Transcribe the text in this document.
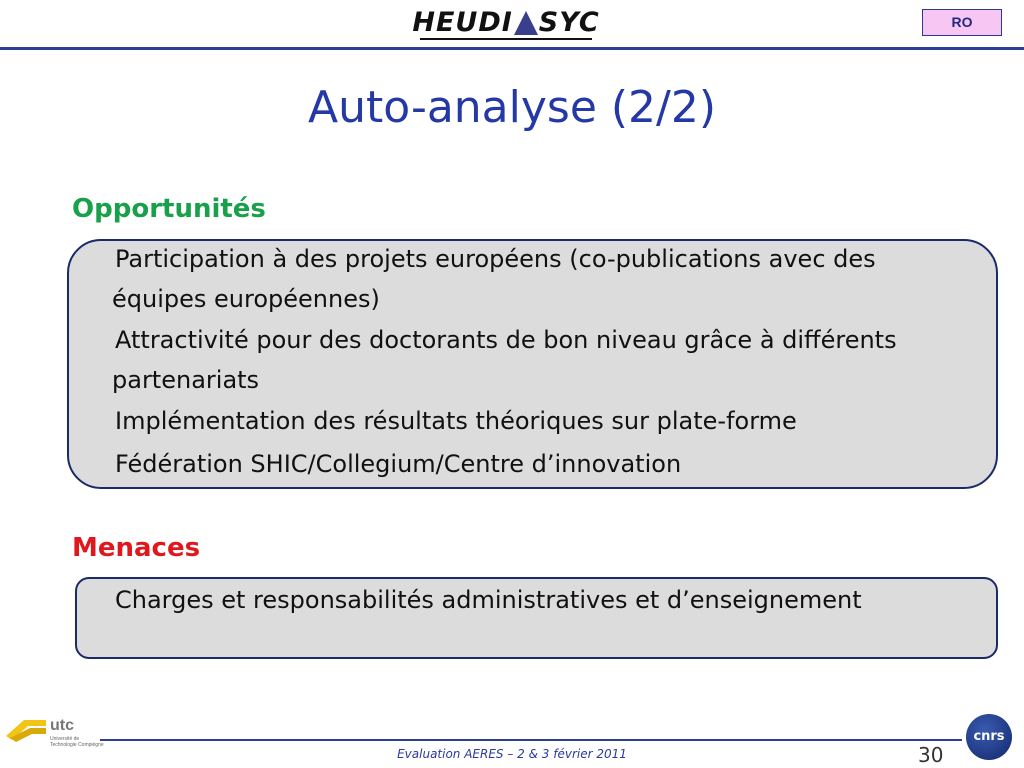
HEUDI SYC	RO
Auto-analyse (2/2)
Opportunités
Participation à des projets européens (co-publications avec des équipes européennes)
Attractivité pour des doctorants de bon niveau grâce à différents partenariats
Implémentation des résultats théoriques sur plate-forme
Fédération SHIC/Collegium/Centre d’innovation
Menaces
Charges et responsabilités administratives et d’enseignement
utc
Université de Technologie Compiègne
Evaluation AERES – 2 & 3 février 2011	30
cnrs
